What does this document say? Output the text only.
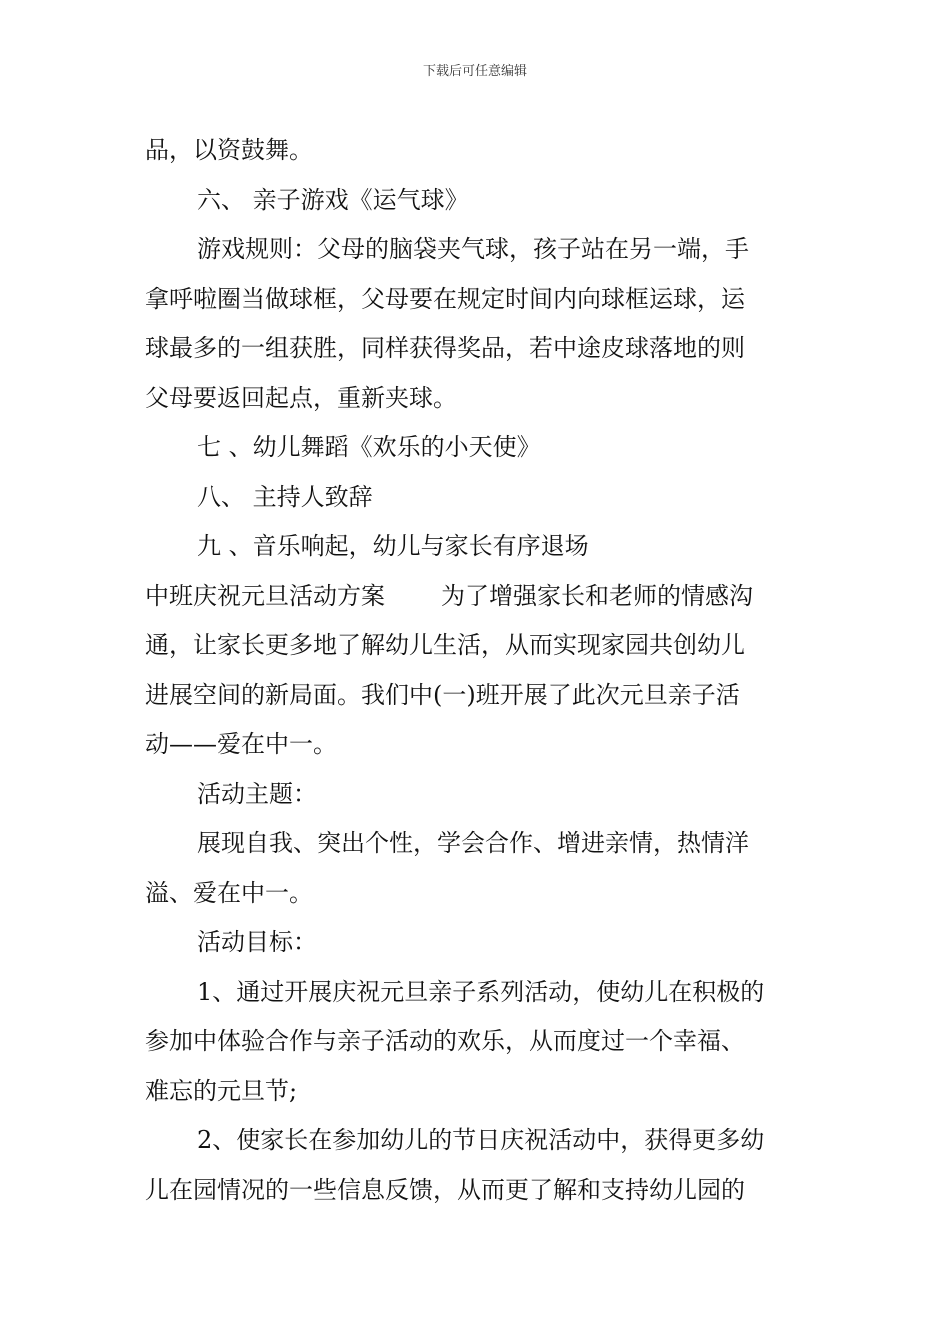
下载后可任意编辑
品，以资鼓舞。
六、 亲子游戏《运气球》
游戏规则：父母的脑袋夹气球，孩子站在另一端，手
拿呼啦圈当做球框，父母要在规定时间内向球框运球，运
球最多的一组获胜，同样获得奖品，若中途皮球落地的则
父母要返回起点，重新夹球。
七 、幼儿舞蹈《欢乐的小天使》
八、 主持人致辞
九 、音乐响起，幼儿与家长有序退场
中班庆祝元旦活动方案 为了增强家长和老师的情感沟
通，让家长更多地了解幼儿生活，从而实现家园共创幼儿
进展空间的新局面。我们中(一)班开展了此次元旦亲子活
动——爱在中一。
活动主题：
展现自我、突出个性，学会合作、增进亲情，热情洋
溢、爱在中一。
活动目标：
1、通过开展庆祝元旦亲子系列活动，使幼儿在积极的
参加中体验合作与亲子活动的欢乐，从而度过一个幸福、
难忘的元旦节;
2、使家长在参加幼儿的节日庆祝活动中，获得更多幼
儿在园情况的一些信息反馈，从而更了解和支持幼儿园的
